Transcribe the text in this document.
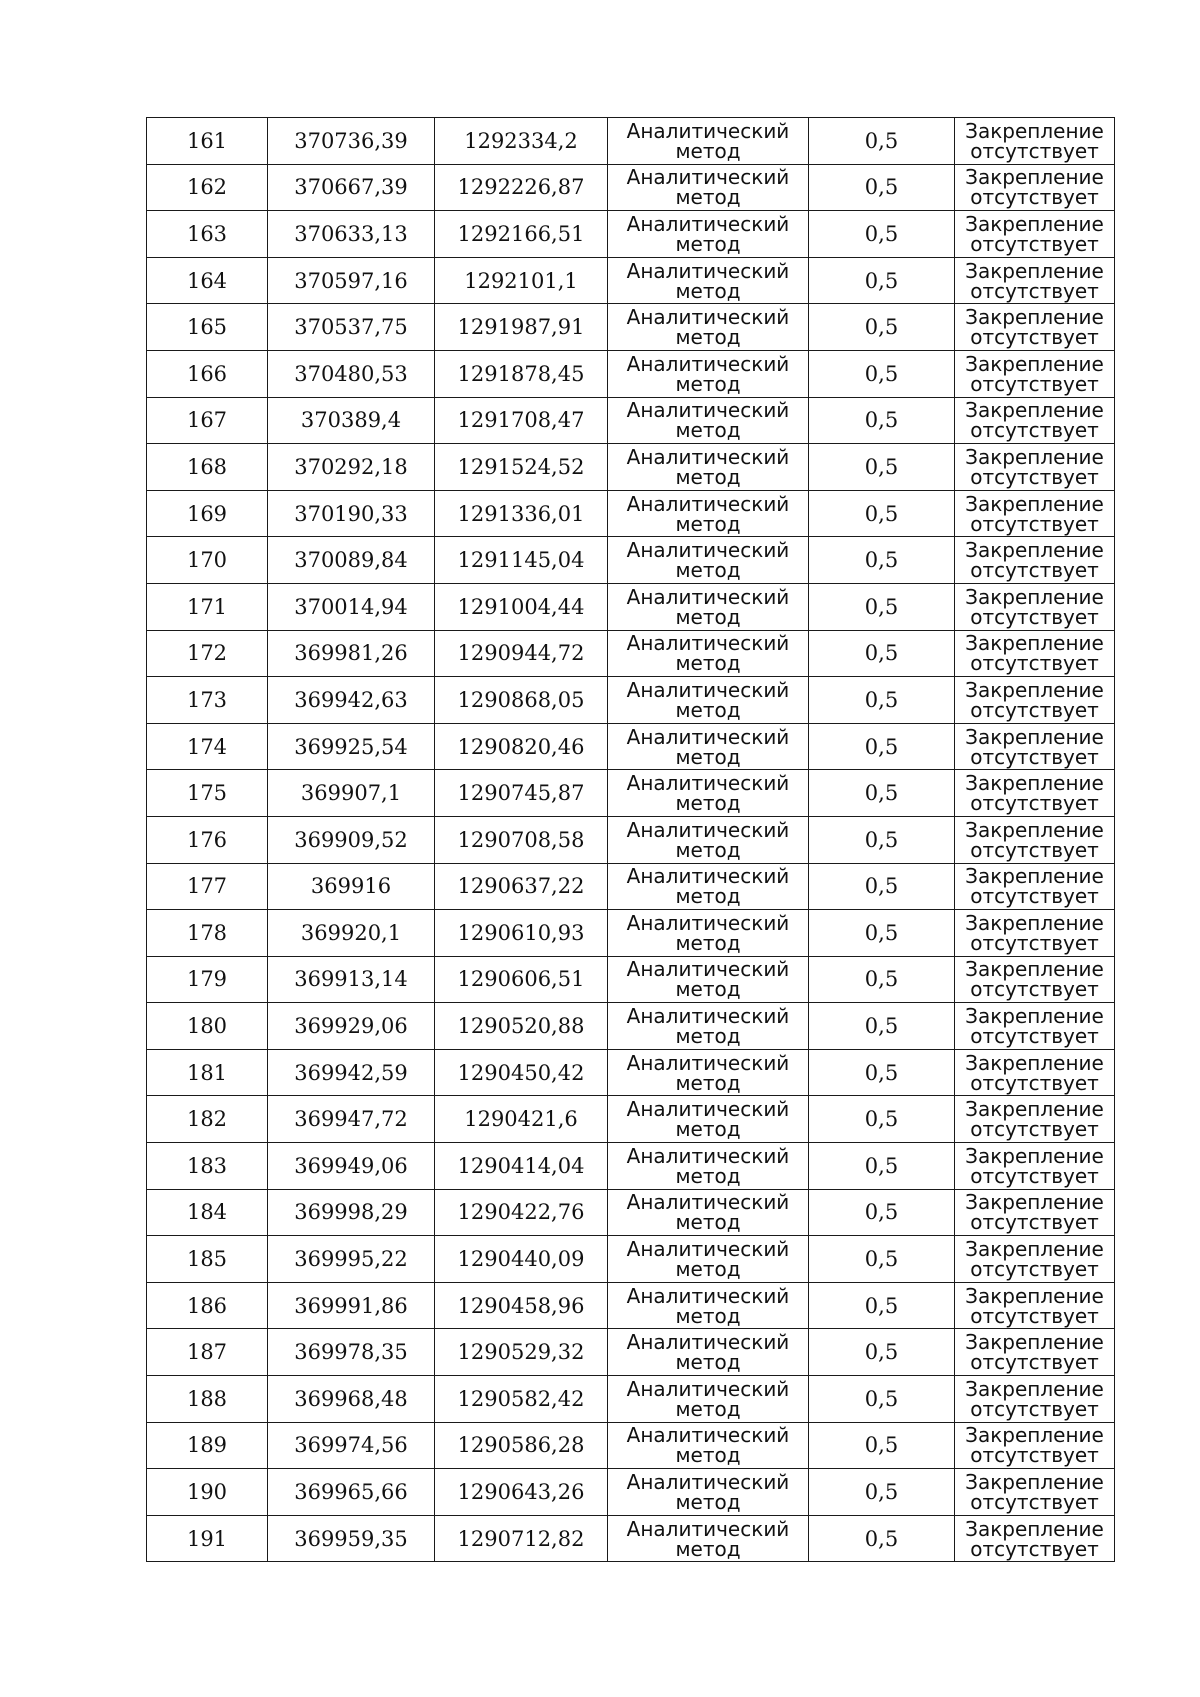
161	370736,39	1292334,2	Аналитический
метод	0,5	Закрепление
отсутствует

162	370667,39	1292226,87	Аналитический
метод	0,5	Закрепление
отсутствует

163	370633,13	1292166,51	Аналитический
метод	0,5	Закрепление
отсутствует

164	370597,16	1292101,1	Аналитический
метод	0,5	Закрепление
отсутствует

165	370537,75	1291987,91	Аналитический
метод	0,5	Закрепление
отсутствует

166	370480,53	1291878,45	Аналитический
метод	0,5	Закрепление
отсутствует

167	370389,4	1291708,47	Аналитический
метод	0,5	Закрепление
отсутствует

168	370292,18	1291524,52	Аналитический
метод	0,5	Закрепление
отсутствует

169	370190,33	1291336,01	Аналитический
метод	0,5	Закрепление
отсутствует

170	370089,84	1291145,04	Аналитический
метод	0,5	Закрепление
отсутствует

171	370014,94	1291004,44	Аналитический
метод	0,5	Закрепление
отсутствует

172	369981,26	1290944,72	Аналитический
метод	0,5	Закрепление
отсутствует

173	369942,63	1290868,05	Аналитический
метод	0,5	Закрепление
отсутствует

174	369925,54	1290820,46	Аналитический
метод	0,5	Закрепление
отсутствует

175	369907,1	1290745,87	Аналитический
метод	0,5	Закрепление
отсутствует

176	369909,52	1290708,58	Аналитический
метод	0,5	Закрепление
отсутствует

177	369916	1290637,22	Аналитический
метод	0,5	Закрепление
отсутствует

178	369920,1	1290610,93	Аналитический
метод	0,5	Закрепление
отсутствует

179	369913,14	1290606,51	Аналитический
метод	0,5	Закрепление
отсутствует

180	369929,06	1290520,88	Аналитический
метод	0,5	Закрепление
отсутствует

181	369942,59	1290450,42	Аналитический
метод	0,5	Закрепление
отсутствует

182	369947,72	1290421,6	Аналитический
метод	0,5	Закрепление
отсутствует

183	369949,06	1290414,04	Аналитический
метод	0,5	Закрепление
отсутствует

184	369998,29	1290422,76	Аналитический
метод	0,5	Закрепление
отсутствует

185	369995,22	1290440,09	Аналитический
метод	0,5	Закрепление
отсутствует

186	369991,86	1290458,96	Аналитический
метод	0,5	Закрепление
отсутствует

187	369978,35	1290529,32	Аналитический
метод	0,5	Закрепление
отсутствует

188	369968,48	1290582,42	Аналитический
метод	0,5	Закрепление
отсутствует

189	369974,56	1290586,28	Аналитический
метод	0,5	Закрепление
отсутствует

190	369965,66	1290643,26	Аналитический
метод	0,5	Закрепление
отсутствует

191	369959,35	1290712,82	Аналитический
метод	0,5	Закрепление
отсутствует
